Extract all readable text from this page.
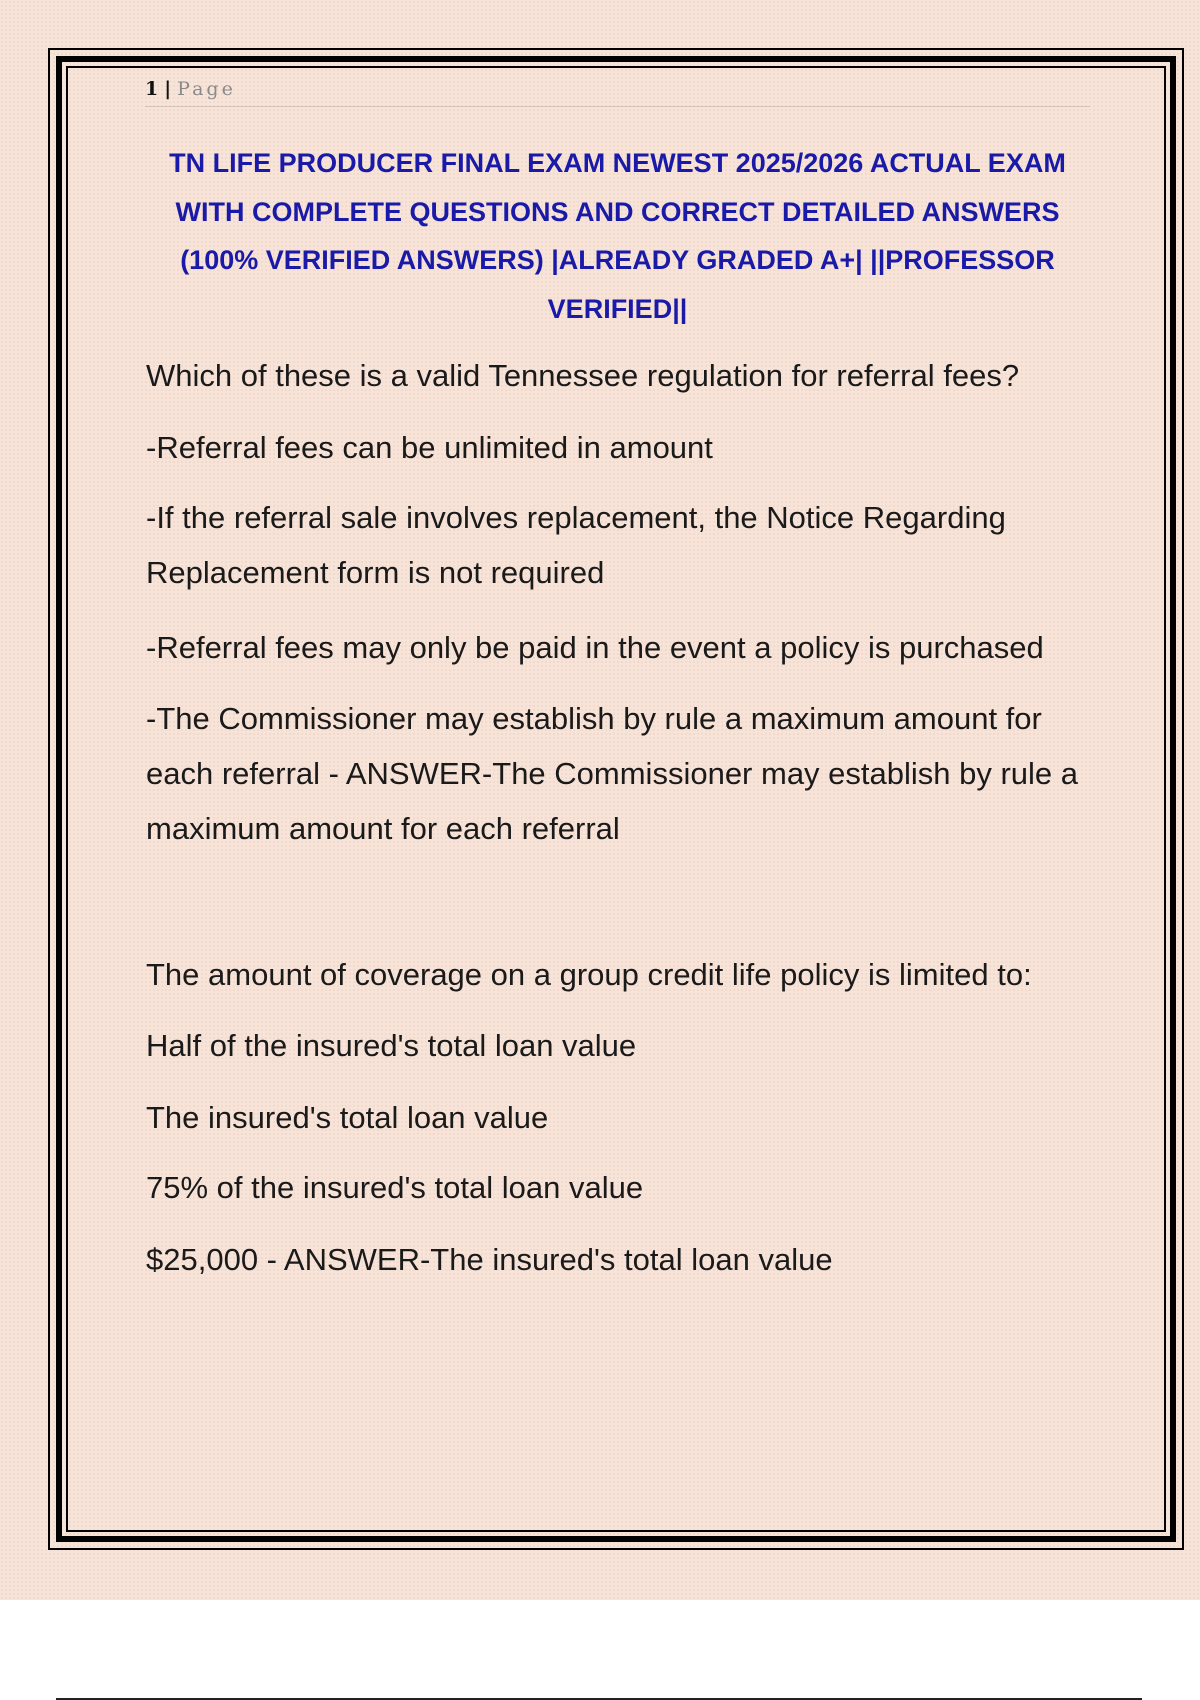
1 | Page
TN LIFE PRODUCER FINAL EXAM NEWEST 2025/2026 ACTUAL EXAM WITH COMPLETE QUESTIONS AND CORRECT DETAILED ANSWERS (100% VERIFIED ANSWERS) |ALREADY GRADED A+| ||PROFESSOR VERIFIED||
Which of these is a valid Tennessee regulation for referral fees?
-Referral fees can be unlimited in amount
-If the referral sale involves replacement, the Notice Regarding Replacement form is not required
-Referral fees may only be paid in the event a policy is purchased
-The Commissioner may establish by rule a maximum amount for each referral - ANSWER-The Commissioner may establish by rule a maximum amount for each referral
The amount of coverage on a group credit life policy is limited to:
Half of the insured's total loan value
The insured's total loan value
75% of the insured's total loan value
$25,000 - ANSWER-The insured's total loan value
